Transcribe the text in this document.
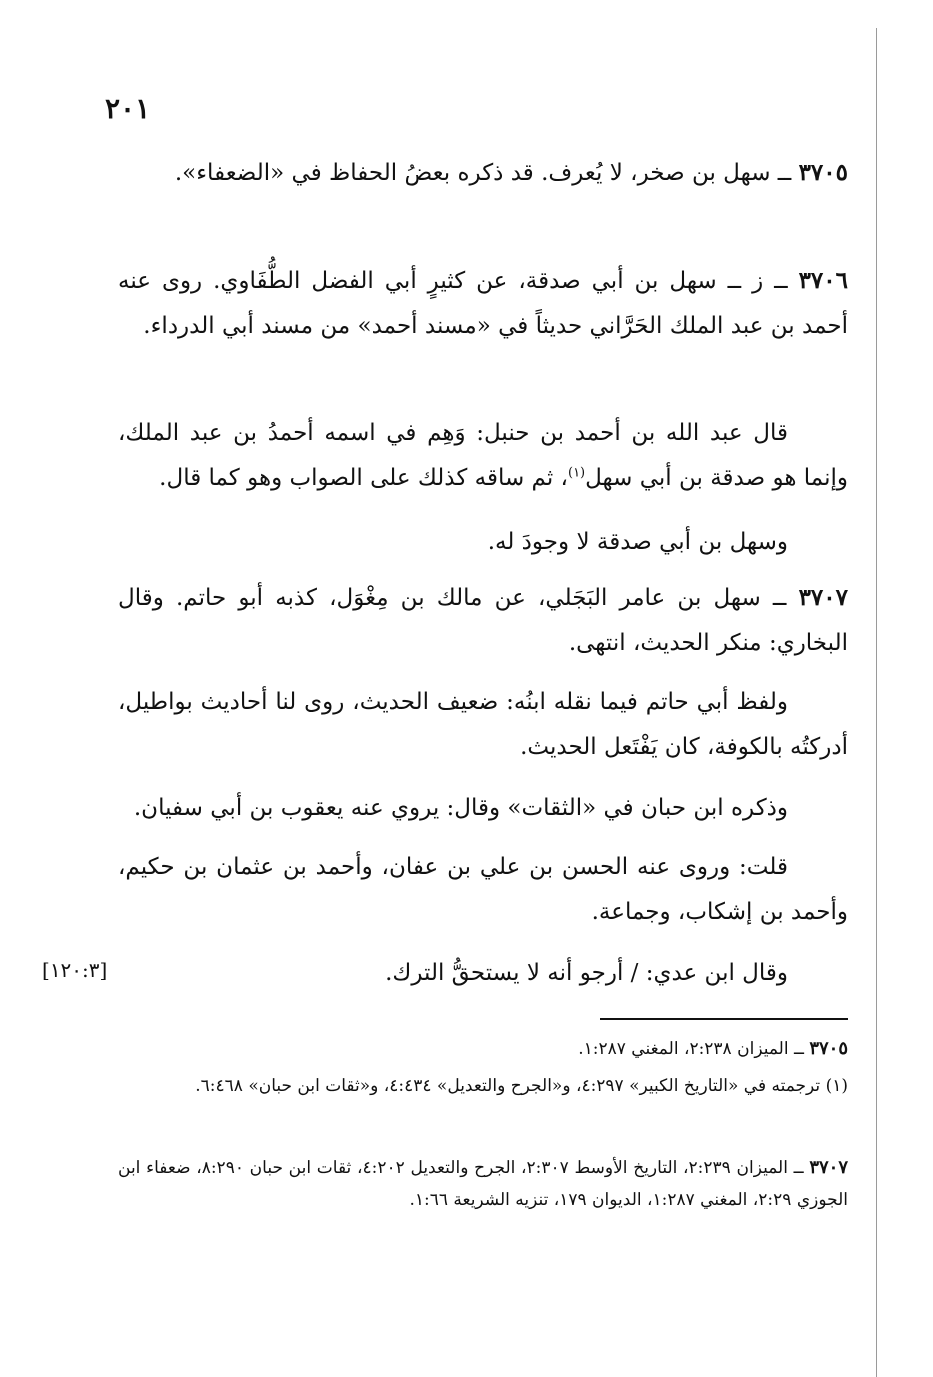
٢٠١

٣٧٠٥ ــ سهل بن صخر، لا يُعرف. قد ذكره بعضُ الحفاظ في «الضعفاء».

٣٧٠٦ ــ ز ــ سهل بن أبي صدقة، عن كثيرٍ أبي الفضل الطُّفَاوي. روى عنه أحمد بن عبد الملك الحَرَّاني حديثاً في «مسند أحمد» من مسند أبي الدرداء.

قال عبد الله بن أحمد بن حنبل: وَهِم في اسمه أحمدُ بن عبد الملك، وإنما هو صدقة بن أبي سهل$^{(١)}$، ثم ساقه كذلك على الصواب وهو كما قال.

وسهل بن أبي صدقة لا وجودَ له.

٣٧٠٧ ــ سهل بن عامر البَجَلي، عن مالك بن مِغْوَل، كذبه أبو حاتم. وقال البخاري: منكر الحديث، انتهى.

ولفظ أبي حاتم فيما نقله ابنُه: ضعيف الحديث، روى لنا أحاديث بواطيل، أدركتُه بالكوفة، كان يَفْتَعل الحديث.

وذكره ابن حبان في «الثقات» وقال: يروي عنه يعقوب بن أبي سفيان.

قلت: وروى عنه الحسن بن علي بن عفان، وأحمد بن عثمان بن حكيم، وأحمد بن إشكاب، وجماعة.

وقال ابن عدي: / أرجو أنه لا يستحقُّ الترك.

[١٢٠:٣]

٣٧٠٥ ــ الميزان ٢:٢٣٨، المغني ١:٢٨٧.

(١) ترجمته في «التاريخ الكبير» ٤:٢٩٧، و«الجرح والتعديل» ٤:٤٣٤، و«ثقات ابن حبان» ٦:٤٦٨.

٣٧٠٧ ــ الميزان ٢:٢٣٩، التاريخ الأوسط ٢:٣٠٧، الجرح والتعديل ٤:٢٠٢، ثقات ابن حبان ٨:٢٩٠، ضعفاء ابن الجوزي ٢:٢٩، المغني ١:٢٨٧، الديوان ١٧٩، تنزيه الشريعة ١:٦٦.
